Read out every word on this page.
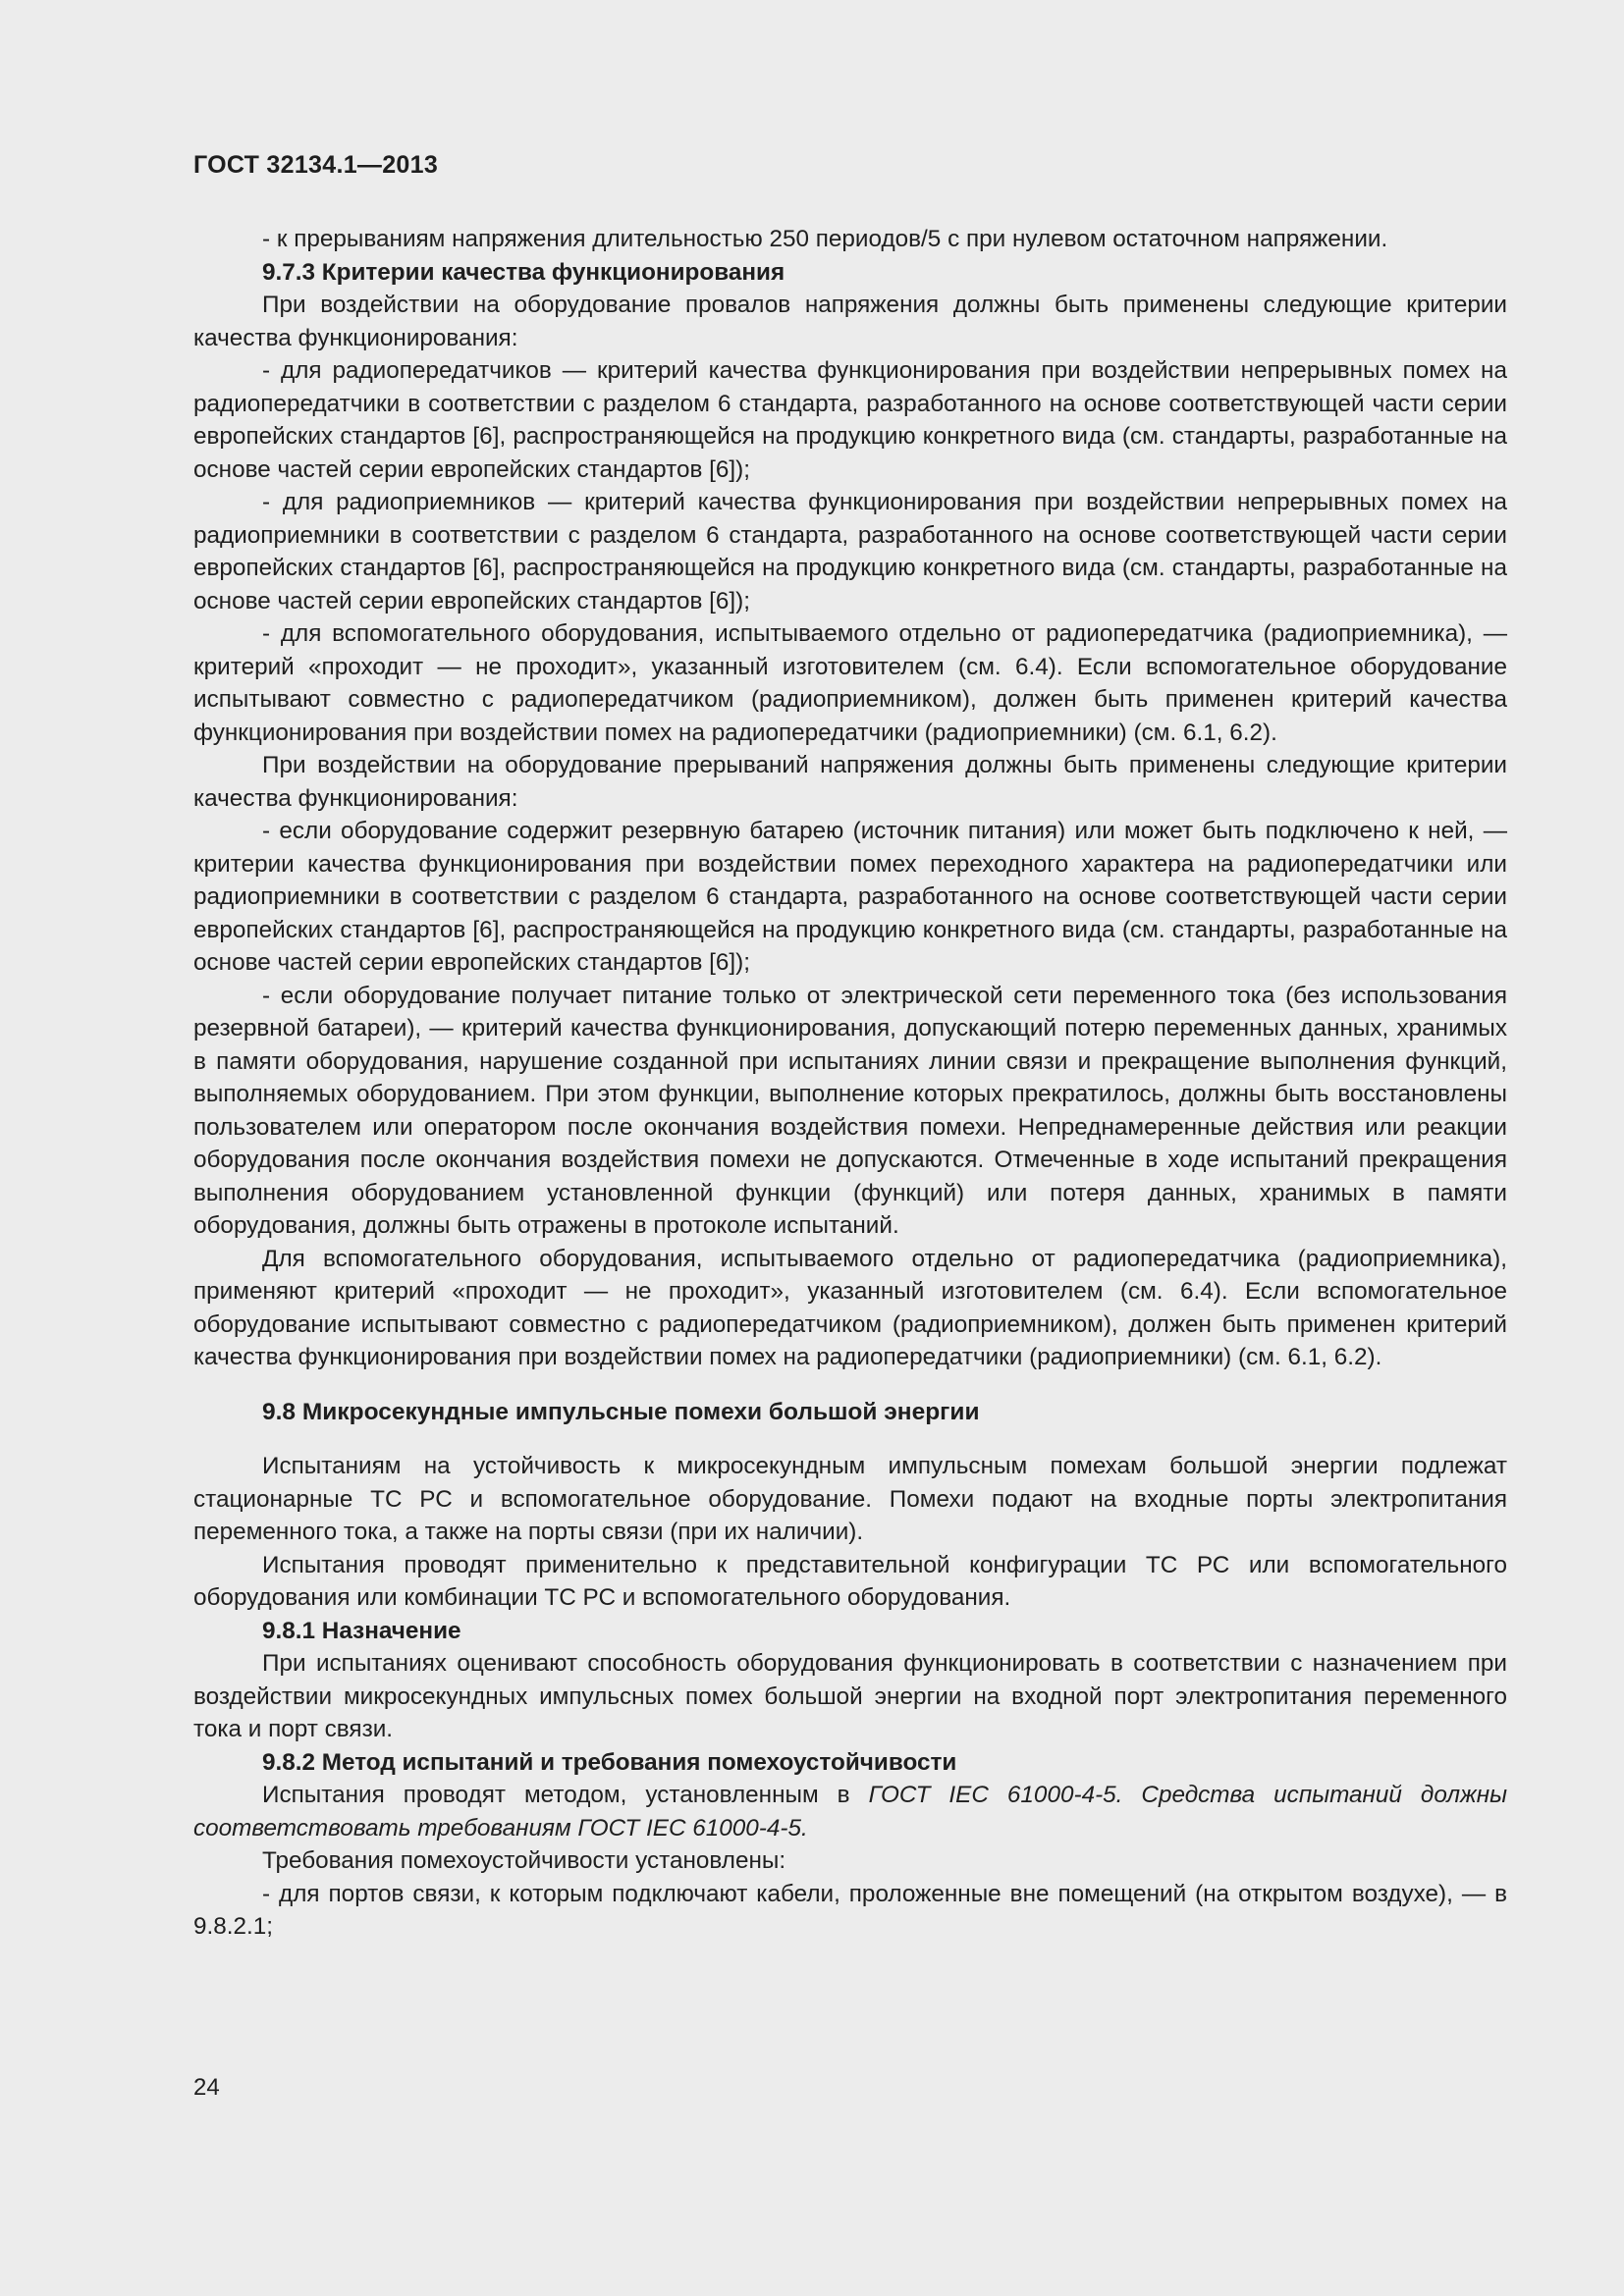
ГОСТ 32134.1—2013

- к прерываниям напряжения длительностью 250 периодов/5 с при нулевом остаточном напряжении.

9.7.3 Критерии качества функционирования

При воздействии на оборудование провалов напряжения должны быть применены следующие критерии качества функционирования:

- для радиопередатчиков — критерий качества функционирования при воздействии непрерывных помех на радиопередатчики в соответствии с разделом 6 стандарта, разработанного на основе соответствующей части серии европейских стандартов [6], распространяющейся на продукцию конкретного вида (см. стандарты, разработанные на основе частей серии европейских стандартов [6]);

- для радиоприемников — критерий качества функционирования при воздействии непрерывных помех на радиоприемники в соответствии с разделом 6 стандарта, разработанного на основе соответствующей части серии европейских стандартов [6], распространяющейся на продукцию конкретного вида (см. стандарты, разработанные на основе частей серии европейских стандартов [6]);

- для вспомогательного оборудования, испытываемого отдельно от радиопередатчика (радиоприемника), — критерий «проходит — не проходит», указанный изготовителем (см. 6.4). Если вспомогательное оборудование испытывают совместно с радиопередатчиком (радиоприемником), должен быть применен критерий качества функционирования при воздействии помех на радиопередатчики (радиоприемники) (см. 6.1, 6.2).

При воздействии на оборудование прерываний напряжения должны быть применены следующие критерии качества функционирования:

- если оборудование содержит резервную батарею (источник питания) или может быть подключено к ней, — критерии качества функционирования при воздействии помех переходного характера на радиопередатчики или радиоприемники в соответствии с разделом 6 стандарта, разработанного на основе соответствующей части серии европейских стандартов [6], распространяющейся на продукцию конкретного вида (см. стандарты, разработанные на основе частей серии европейских стандартов [6]);

- если оборудование получает питание только от электрической сети переменного тока (без использования резервной батареи), — критерий качества функционирования, допускающий потерю переменных данных, хранимых в памяти оборудования, нарушение созданной при испытаниях линии связи и прекращение выполнения функций, выполняемых оборудованием. При этом функции, выполнение которых прекратилось, должны быть восстановлены пользователем или оператором после окончания воздействия помехи. Непреднамеренные действия или реакции оборудования после окончания воздействия помехи не допускаются. Отмеченные в ходе испытаний прекращения выполнения оборудованием установленной функции (функций) или потеря данных, хранимых в памяти оборудования, должны быть отражены в протоколе испытаний.

Для вспомогательного оборудования, испытываемого отдельно от радиопередатчика (радиоприемника), применяют критерий «проходит — не проходит», указанный изготовителем (см. 6.4). Если вспомогательное оборудование испытывают совместно с радиопередатчиком (радиоприемником), должен быть применен критерий качества функционирования при воздействии помех на радиопередатчики (радиоприемники) (см. 6.1, 6.2).

9.8 Микросекундные импульсные помехи большой энергии

Испытаниям на устойчивость к микросекундным импульсным помехам большой энергии подлежат стационарные ТС РС и вспомогательное оборудование. Помехи подают на входные порты электропитания переменного тока, а также на порты связи (при их наличии).

Испытания проводят применительно к представительной конфигурации ТС РС или вспомогательного оборудования или комбинации ТС РС и вспомогательного оборудования.

9.8.1 Назначение

При испытаниях оценивают способность оборудования функционировать в соответствии с назначением при воздействии микросекундных импульсных помех большой энергии на входной порт электропитания переменного тока и порт связи.

9.8.2 Метод испытаний и требования помехоустойчивости

Испытания проводят методом, установленным в ГОСТ IEC 61000-4-5. Средства испытаний должны соответствовать требованиям ГОСТ IEC 61000-4-5.

Требования помехоустойчивости установлены:

- для портов связи, к которым подключают кабели, проложенные вне помещений (на открытом воздухе), — в 9.8.2.1;

24
